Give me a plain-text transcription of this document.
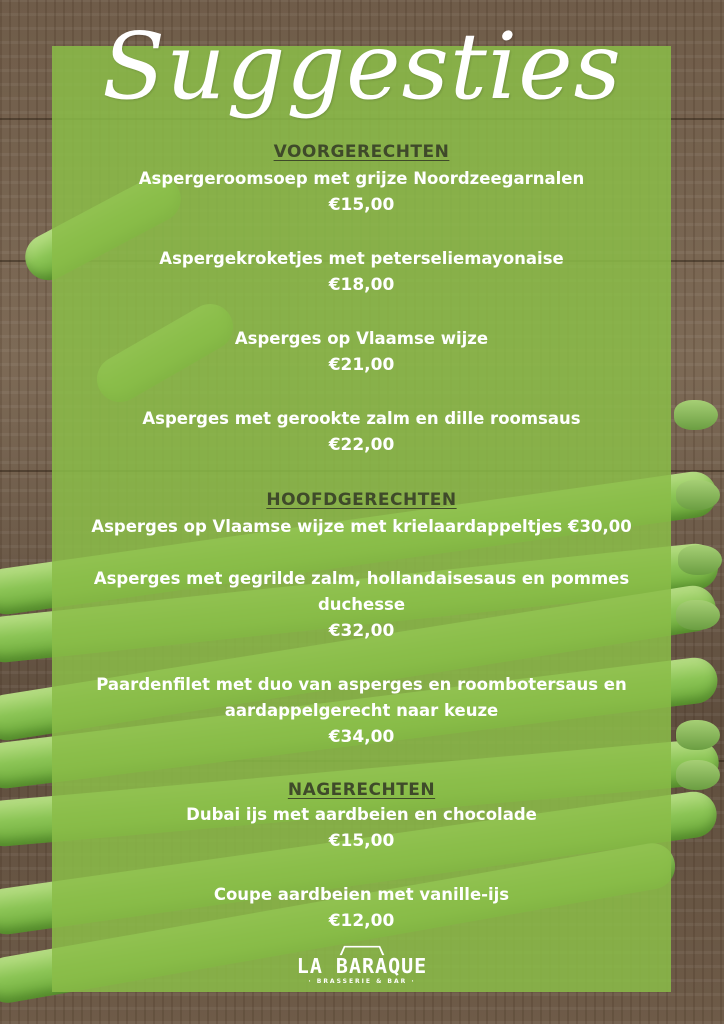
Suggesties
VOORGERECHTEN
Aspergeroomsoep met grijze Noordzeegarnalen
€15,00
Aspergekroketjes met peterseliemayonaise
€18,00
Asperges op Vlaamse wijze
€21,00
Asperges met gerookte zalm en dille roomsaus
€22,00
HOOFDGERECHTEN
Asperges op Vlaamse wijze met krielaardappeltjes €30,00
Asperges met gegrilde zalm, hollandaisesaus en pommes
duchesse
€32,00
Paardenfilet met duo van asperges en roombotersaus en
aardappelgerecht naar keuze
€34,00
NAGERECHTEN
Dubai ijs met aardbeien en chocolade
€15,00
Coupe aardbeien met vanille-ijs
€12,00
LA BARAQUE
· BRASSERIE & BAR ·
